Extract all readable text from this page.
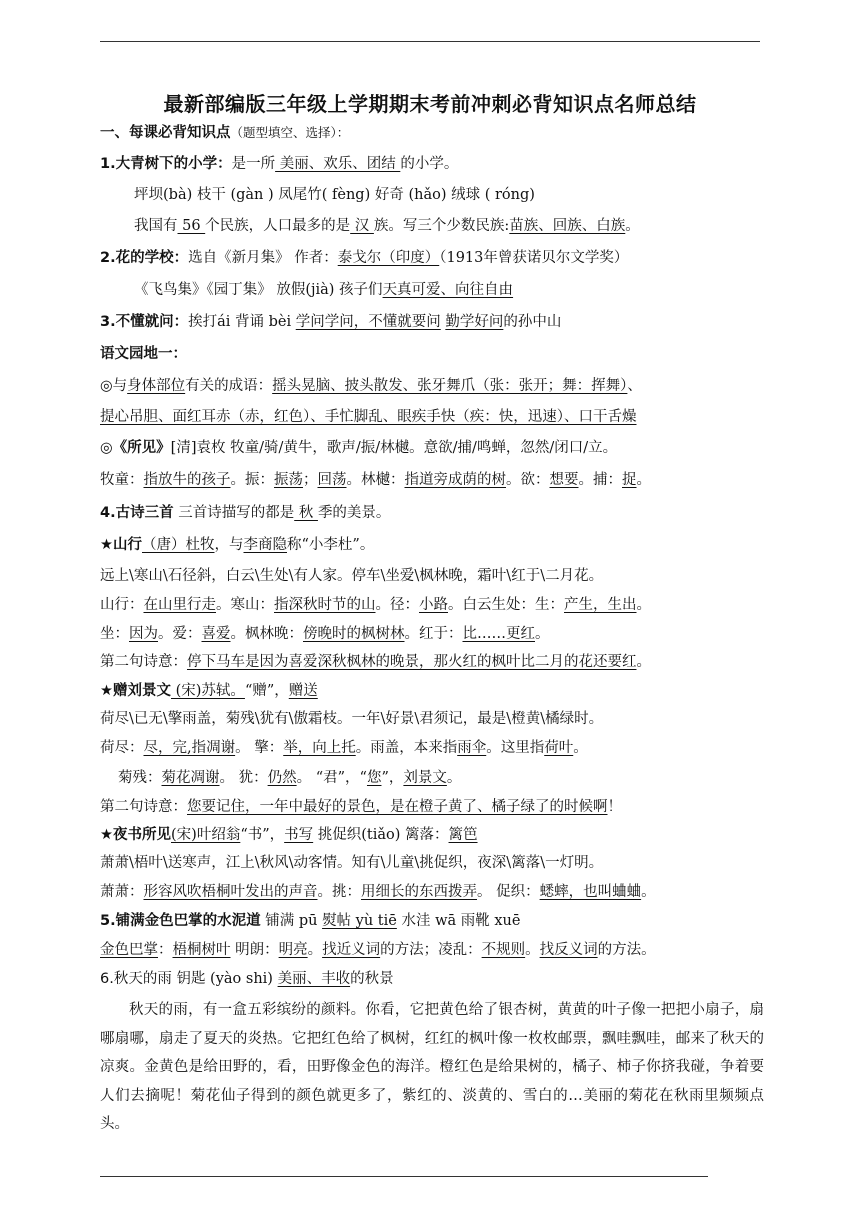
最新部编版三年级上学期期末考前冲刺必背知识点名师总结
一、每课必背知识点（题型填空、选择）：
1.大青树下的小学：是一所 美丽、欢乐、团结 的小学。
坪坝(bà) 枝干 (gàn ) 凤尾竹( fèng) 好奇 (hǎo) 绒球 ( róng)
我国有 56 个民族，人口最多的是 汉 族。写三个少数民族:苗族、回族、白族。
2.花的学校：选自《新月集》 作者：泰戈尔（印度）（1913年曾获诺贝尔文学奖）
《飞鸟集》《园丁集》 放假(jià) 孩子们天真可爱、向往自由
3.不懂就问：挨打ái 背诵 bèi 学问学问，不懂就要问 勤学好问的孙中山
语文园地一：
◎与身体部位有关的成语：摇头晃脑、披头散发、张牙舞爪（张：张开；舞：挥舞）、
提心吊胆、面红耳赤（赤，红色）、手忙脚乱、眼疾手快（疾：快，迅速）、口干舌燥
◎《所见》[清]袁枚 牧童/骑/黄牛，歌声/振/林樾。意欲/捕/鸣蝉，忽然/闭口/立。
牧童：指放牛的孩子。振：振荡；回荡。林樾：指道旁成荫的树。欲：想要。捕：捉。
4.古诗三首 三首诗描写的都是 秋 季的美景。
★山行（唐）杜牧，与李商隐称“小李杜”。
远上\寒山\石径斜，白云\生处\有人家。停车\坐爱\枫林晚，霜叶\红于\二月花。
山行：在山里行走。寒山：指深秋时节的山。径：小路。白云生处：生：产生，生出。
坐：因为。爱：喜爱。枫林晚：傍晚时的枫树林。红于：比……更红。
第二句诗意：停下马车是因为喜爱深秋枫林的晚景，那火红的枫叶比二月的花还要红。
★赠刘景文 (宋)苏轼。“赠”，赠送
荷尽\已无\擎雨盖，菊残\犹有\傲霜枝。一年\好景\君须记，最是\橙黄\橘绿时。
荷尽：尽，完,指凋谢。 擎：举，向上托。雨盖，本来指雨伞。这里指荷叶。
菊残：菊花凋谢。 犹：仍然。 “君”，“您”，刘景文。
第二句诗意：您要记住，一年中最好的景色，是在橙子黄了、橘子绿了的时候啊！
★夜书所见(宋)叶绍翁“书”，书写 挑促织(tiǎo) 篱落：篱笆
萧萧\梧叶\送寒声，江上\秋风\动客情。知有\儿童\挑促织，夜深\篱落\一灯明。
萧萧：形容风吹梧桐叶发出的声音。挑：用细长的东西拨弄。 促织：蟋蟀，也叫蛐蛐。
5.铺满金色巴掌的水泥道 铺满 pū 熨帖 yù tiē 水洼 wā 雨靴 xuē
金色巴掌：梧桐树叶 明朗：明亮。找近义词的方法；凌乱：不规则。找反义词的方法。
6.秋天的雨 钥匙 (yào shi) 美丽、丰收的秋景
秋天的雨，有一盒五彩缤纷的颜料。你看，它把黄色给了银杏树，黄黄的叶子像一把把小扇子，扇哪扇哪，扇走了夏天的炎热。它把红色给了枫树，红红的枫叶像一枚枚邮票，飘哇飘哇，邮来了秋天的凉爽。金黄色是给田野的，看，田野像金色的海洋。橙红色是给果树的，橘子、柿子你挤我碰，争着要人们去摘呢！菊花仙子得到的颜色就更多了，紫红的、淡黄的、雪白的…美丽的菊花在秋雨里频频点头。
